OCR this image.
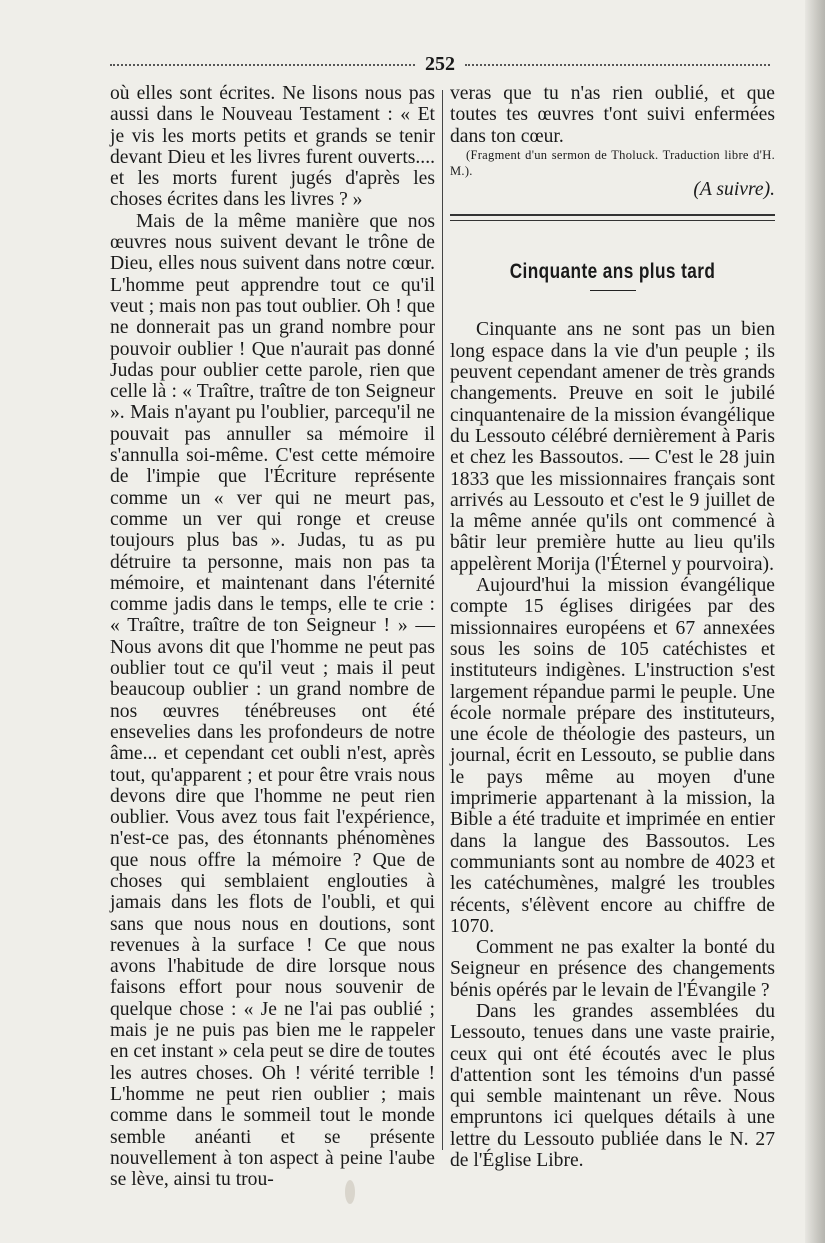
252

où elles sont écrites. Ne lisons nous pas aussi dans le Nouveau Testament : « Et je vis les morts petits et grands se tenir devant Dieu et les livres furent ouverts.... et les morts furent jugés d'après les choses écrites dans les livres ? »

Mais de la même manière que nos œuvres nous suivent devant le trône de Dieu, elles nous suivent dans notre cœur. L'homme peut apprendre tout ce qu'il veut ; mais non pas tout oublier. Oh ! que ne donnerait pas un grand nombre pour pouvoir oublier ! Que n'aurait pas donné Judas pour oublier cette parole, rien que celle là : « Traître, traître de ton Seigneur ». Mais n'ayant pu l'oublier, parcequ'il ne pouvait pas annuller sa mémoire il s'annulla soi-même. C'est cette mémoire de l'impie que l'Écriture représente comme un « ver qui ne meurt pas, comme un ver qui ronge et creuse toujours plus bas ». Judas, tu as pu détruire ta personne, mais non pas ta mémoire, et maintenant dans l'éternité comme jadis dans le temps, elle te crie : « Traître, traître de ton Seigneur ! » — Nous avons dit que l'homme ne peut pas oublier tout ce qu'il veut ; mais il peut beaucoup oublier : un grand nombre de nos œuvres ténébreuses ont été ensevelies dans les profondeurs de notre âme... et cependant cet oubli n'est, après tout, qu'apparent ; et pour être vrais nous devons dire que l'homme ne peut rien oublier. Vous avez tous fait l'expérience, n'est-ce pas, des étonnants phénomènes que nous offre la mémoire ? Que de choses qui semblaient englouties à jamais dans les flots de l'oubli, et qui sans que nous nous en doutions, sont revenues à la surface ! Ce que nous avons l'habitude de dire lorsque nous faisons effort pour nous souvenir de quelque chose : « Je ne l'ai pas oublié ; mais je ne puis pas bien me le rappeler en cet instant » cela peut se dire de toutes les autres choses. Oh ! vérité terrible ! L'homme ne peut rien oublier ; mais comme dans le sommeil tout le monde semble anéanti et se présente nouvellement à ton aspect à peine l'aube se lève, ainsi tu trou-

veras que tu n'as rien oublié, et que toutes tes œuvres t'ont suivi enfermées dans ton cœur.

(Fragment d'un sermon de Tholuck. Traduction libre d'H. M.).

(A suivre).

Cinquante ans plus tard

Cinquante ans ne sont pas un bien long espace dans la vie d'un peuple ; ils peuvent cependant amener de très grands changements. Preuve en soit le jubilé cinquantenaire de la mission évangélique du Lessouto célébré dernièrement à Paris et chez les Bassoutos. — C'est le 28 juin 1833 que les missionnaires français sont arrivés au Lessouto et c'est le 9 juillet de la même année qu'ils ont commencé à bâtir leur première hutte au lieu qu'ils appelèrent Morija (l'Éternel y pourvoira).

Aujourd'hui la mission évangélique compte 15 églises dirigées par des missionnaires européens et 67 annexées sous les soins de 105 catéchistes et instituteurs indigènes. L'instruction s'est largement répandue parmi le peuple. Une école normale prépare des instituteurs, une école de théologie des pasteurs, un journal, écrit en Lessouto, se publie dans le pays même au moyen d'une imprimerie appartenant à la mission, la Bible a été traduite et imprimée en entier dans la langue des Bassoutos. Les communiants sont au nombre de 4023 et les catéchumènes, malgré les troubles récents, s'élèvent encore au chiffre de 1070.

Comment ne pas exalter la bonté du Seigneur en présence des changements bénis opérés par le levain de l'Évangile ?

Dans les grandes assemblées du Lessouto, tenues dans une vaste prairie, ceux qui ont été écoutés avec le plus d'attention sont les témoins d'un passé qui semble maintenant un rêve. Nous empruntons ici quelques détails à une lettre du Lessouto publiée dans le N. 27 de l'Église Libre.
